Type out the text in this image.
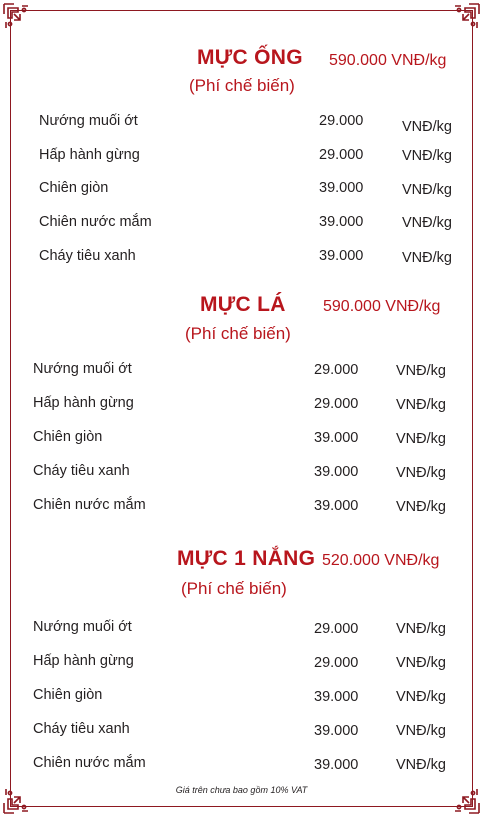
MỰC ỐNG 590.000 VNĐ/kg
(Phí chế biến)
Nướng muối ớt	29.000	VNĐ/kg
Hấp hành gừng	29.000	VNĐ/kg
Chiên giòn	39.000	VNĐ/kg
Chiên nước mắm	39.000	VNĐ/kg
Cháy tiêu xanh	39.000	VNĐ/kg
MỰC LÁ 590.000 VNĐ/kg
(Phí chế biến)
Nướng muối ớt	29.000	VNĐ/kg
Hấp hành gừng	29.000	VNĐ/kg
Chiên giòn	39.000	VNĐ/kg
Cháy tiêu xanh	39.000	VNĐ/kg
Chiên nước mắm	39.000	VNĐ/kg
MỰC 1 NẮNG 520.000 VNĐ/kg
(Phí chế biến)
Nướng muối ớt	29.000	VNĐ/kg
Hấp hành gừng	29.000	VNĐ/kg
Chiên giòn	39.000	VNĐ/kg
Cháy tiêu xanh	39.000	VNĐ/kg
Chiên nước mắm	39.000	VNĐ/kg
Giá trên chưa bao gồm 10% VAT
